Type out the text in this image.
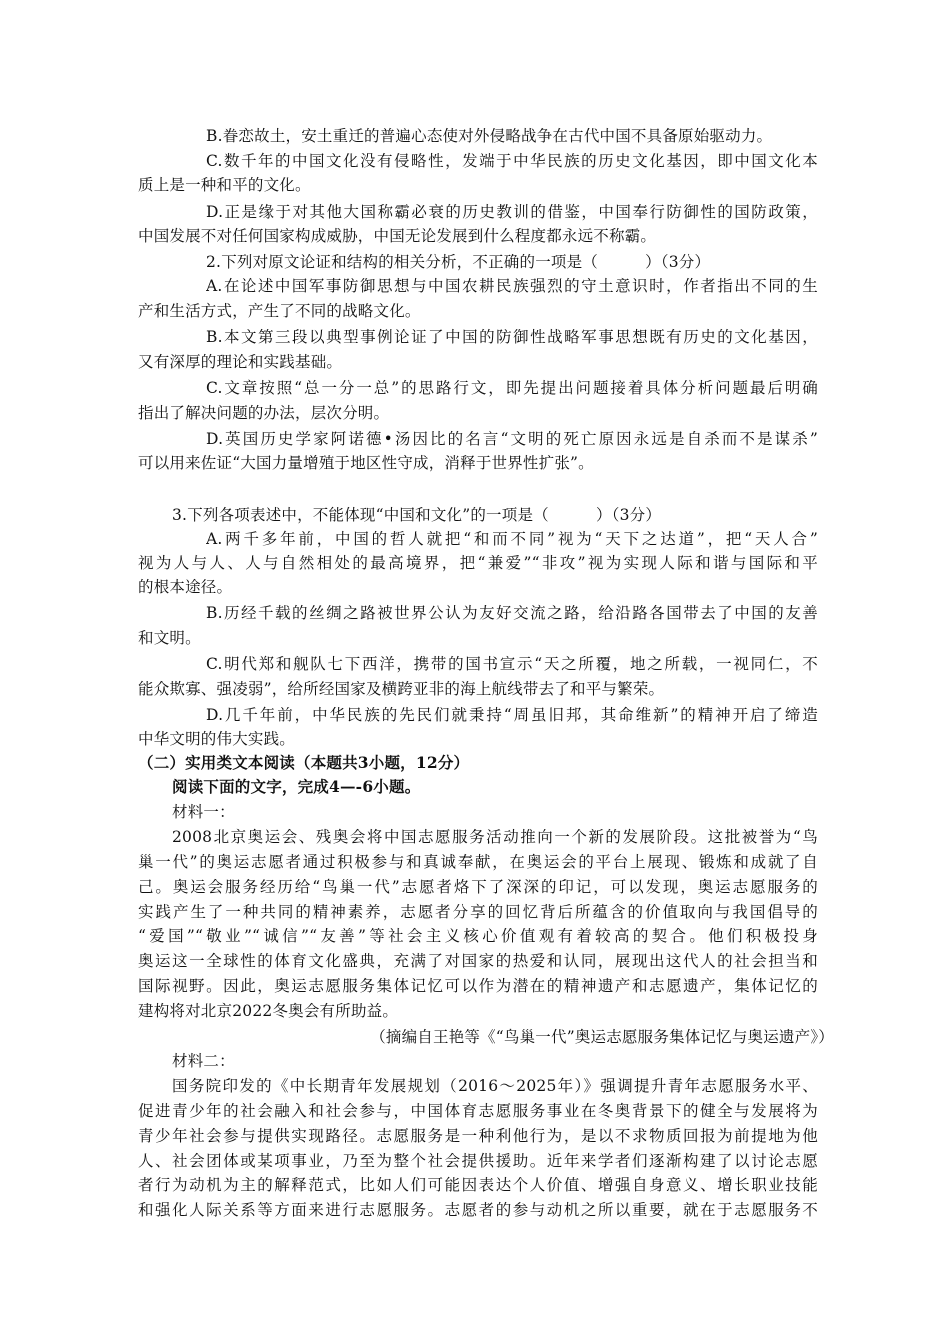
B.眷恋故土，安土重迁的普遍心态使对外侵略战争在古代中国不具备原始驱动力。
C.数千年的中国文化没有侵略性，发端于中华民族的历史文化基因，即中国文化本
质上是一种和平的文化。
D.正是缘于对其他大国称霸必衰的历史教训的借鉴，中国奉行防御性的国防政策，
中国发展不对任何国家构成威胁，中国无论发展到什么程度都永远不称霸。
2.下列对原文论证和结构的相关分析，不正确的一项是（　　　）（3分）
A.在论述中国军事防御思想与中国农耕民族强烈的守土意识时，作者指出不同的生
产和生活方式，产生了不同的战略文化。
B.本文第三段以典型事例论证了中国的防御性战略军事思想既有历史的文化基因，
又有深厚的理论和实践基础。
C.文章按照“总一分一总”的思路行文，即先提出问题接着具体分析问题最后明确
指出了解决问题的办法，层次分明。
D.英国历史学家阿诺德•汤因比的名言“文明的死亡原因永远是自杀而不是谋杀”
可以用来佐证“大国力量增殖于地区性守成，消释于世界性扩张”。
3.下列各项表述中，不能体现“中国和文化”的一项是（　　　）（3分）
A.两千多年前，中国的哲人就把“和而不同”视为“天下之达道”，把“天人合”
视为人与人、人与自然相处的最高境界，把“兼爱”“非攻”视为实现人际和谐与国际和平
的根本途径。
B.历经千载的丝绸之路被世界公认为友好交流之路，给沿路各国带去了中国的友善
和文明。
C.明代郑和舰队七下西洋，携带的国书宣示“天之所覆，地之所载，一视同仁，不
能众欺寡、强凌弱”，给所经国家及横跨亚非的海上航线带去了和平与繁荣。
D.几千年前，中华民族的先民们就秉持“周虽旧邦，其命维新”的精神开启了缔造
中华文明的伟大实践。
（二）实用类文本阅读（本题共3小题，12分）
阅读下面的文字，完成4—-6小题。
材料一：
2008北京奥运会、残奥会将中国志愿服务活动推向一个新的发展阶段。这批被誉为“鸟
巢一代”的奥运志愿者通过积极参与和真诚奉献，在奥运会的平台上展现、锻炼和成就了自
己。奥运会服务经历给“鸟巢一代”志愿者烙下了深深的印记，可以发现，奥运志愿服务的
实践产生了一种共同的精神素养，志愿者分享的回忆背后所蕴含的价值取向与我国倡导的
“爱国”“敬业”“诚信”“友善”等社会主义核心价值观有着较高的契合。他们积极投身
奥运这一全球性的体育文化盛典，充满了对国家的热爱和认同，展现出这代人的社会担当和
国际视野。因此，奥运志愿服务集体记忆可以作为潜在的精神遗产和志愿遗产，集体记忆的
建构将对北京2022冬奥会有所助益。
（摘编自王艳等《“鸟巢一代”奥运志愿服务集体记忆与奥运遗产》）
材料二：
国务院印发的《中长期青年发展规划（2016～2025年）》强调提升青年志愿服务水平、
促进青少年的社会融入和社会参与，中国体育志愿服务事业在冬奥背景下的健全与发展将为
青少年社会参与提供实现路径。志愿服务是一种利他行为，是以不求物质回报为前提地为他
人、社会团体或某项事业，乃至为整个社会提供援助。近年来学者们逐渐构建了以讨论志愿
者行为动机为主的解释范式，比如人们可能因表达个人价值、增强自身意义、增长职业技能
和强化人际关系等方面来进行志愿服务。志愿者的参与动机之所以重要，就在于志愿服务不
